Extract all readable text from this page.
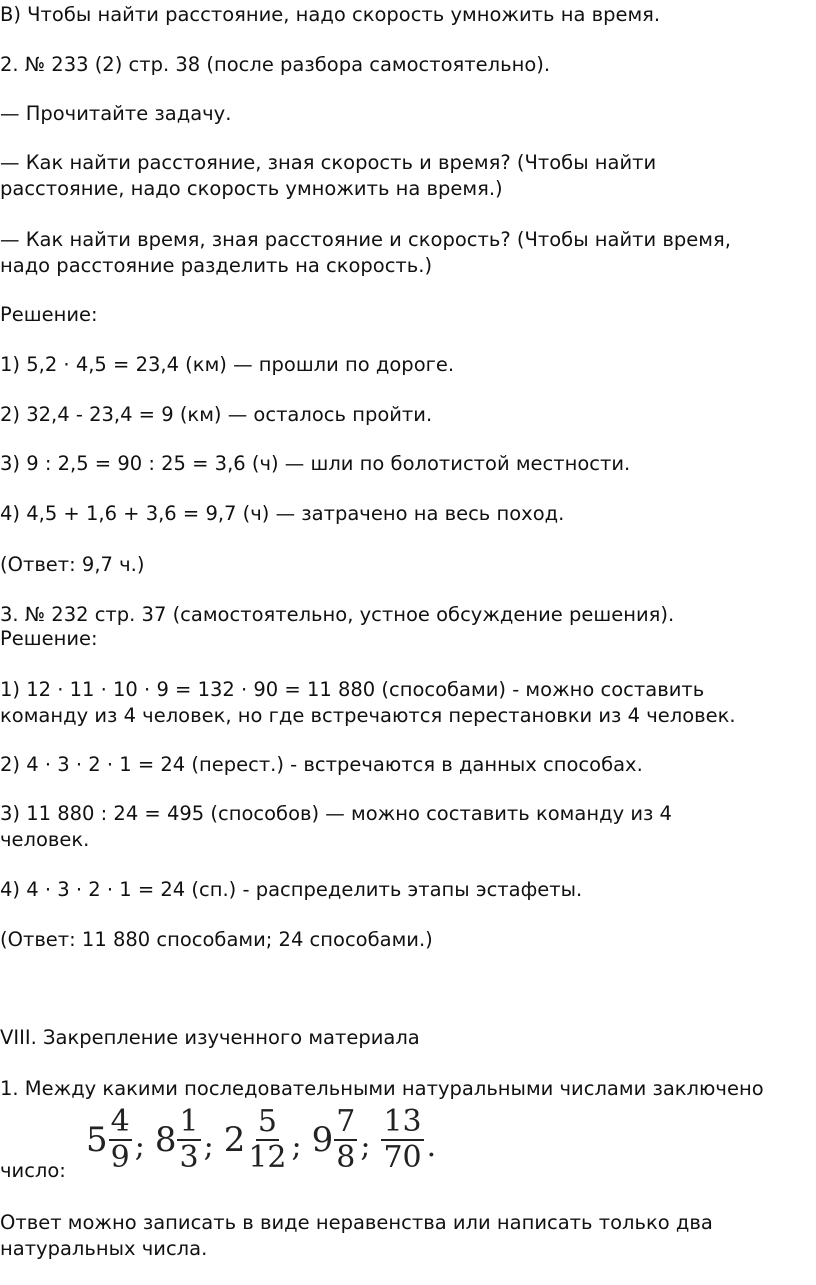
В) Чтобы найти расстояние, надо скорость умножить на время.
2. № 233 (2) стр. 38 (после разбора самостоятельно).
— Прочитайте задачу.
— Как найти расстояние, зная скорость и время? (Чтобы найти
расстояние, надо скорость умножить на время.)
— Как найти время, зная расстояние и скорость? (Чтобы найти время,
надо расстояние разделить на скорость.)
Решение:
1) 5,2 · 4,5 = 23,4 (км) — прошли по дороге.
2) 32,4 - 23,4 = 9 (км) — осталось пройти.
3) 9 : 2,5 = 90 : 25 = 3,6 (ч) — шли по болотистой местности.
4) 4,5 + 1,6 + 3,6 = 9,7 (ч) — затрачено на весь поход.
(Ответ: 9,7 ч.)
3. № 232 стр. 37 (самостоятельно, устное обсуждение решения).
Решение:
1) 12 · 11 · 10 · 9 = 132 · 90 = 11 880 (способами) - можно составить
команду из 4 человек, но где встречаются перестановки из 4 человек.
2) 4 · 3 · 2 · 1 = 24 (перест.) - встречаются в данных способах.
3) 11 880 : 24 = 495 (способов) — можно составить команду из 4
человек.
4) 4 · 3 · 2 · 1 = 24 (сп.) - распределить этапы эстафеты.
(Ответ: 11 880 способами; 24 способами.)
VIII. Закрепление изученного материала
1. Между какими последовательными натуральными числами заключено
число:
Ответ можно записать в виде неравенства или написать только два
натуральных числа.
$5 \frac{4}{9}$ ; $8 \frac{1}{3}$ ; $2 \frac{5}{12}$ ; $9 \frac{7}{8}$ ; $\frac{13}{70}$ .
